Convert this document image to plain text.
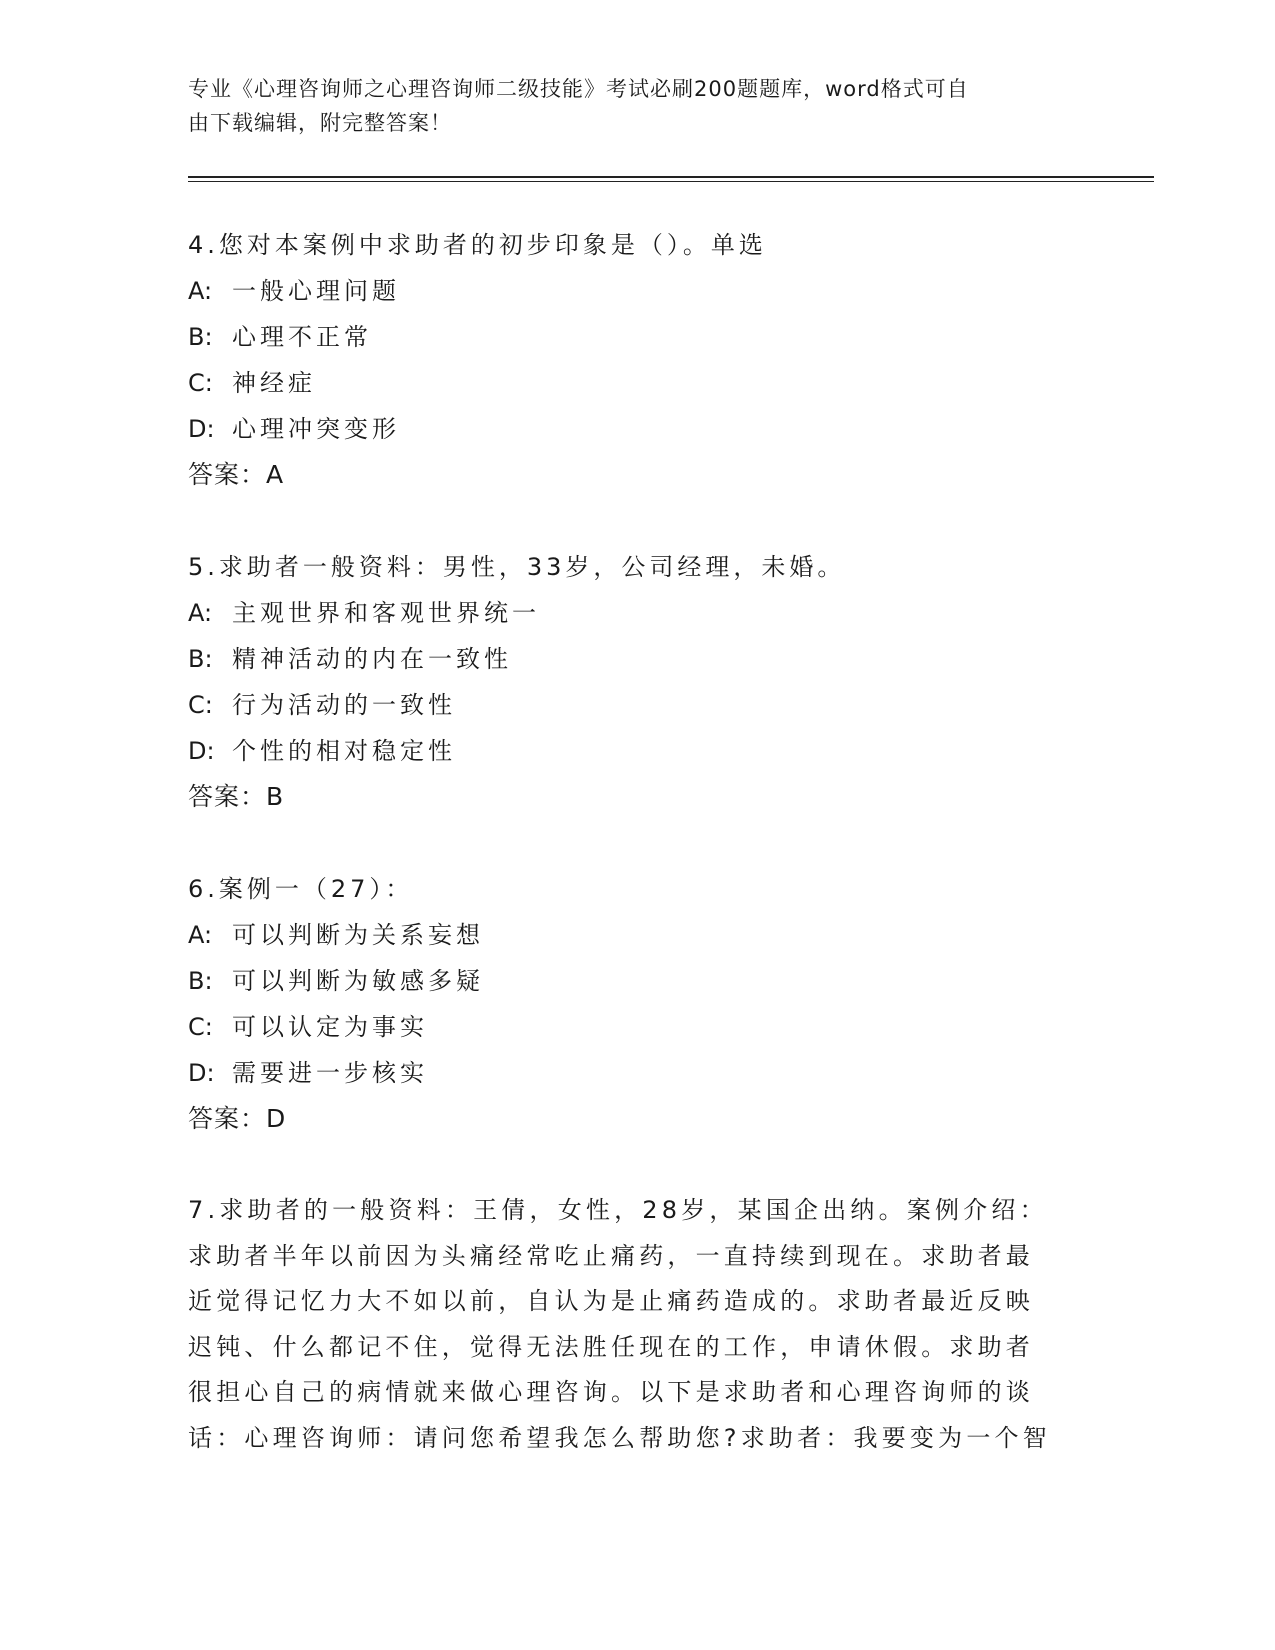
专业《心理咨询师之心理咨询师二级技能》考试必刷200题题库，word格式可自
由下载编辑，附完整答案！
4.您对本案例中求助者的初步印象是（）。单选
A: 一般心理问题
B: 心理不正常
C: 神经症
D: 心理冲突变形
答案：A
5.求助者一般资料：男性，33岁，公司经理，未婚。
A: 主观世界和客观世界统一
B: 精神活动的内在一致性
C: 行为活动的一致性
D: 个性的相对稳定性
答案：B
6.案例一（27）：
A: 可以判断为关系妄想
B: 可以判断为敏感多疑
C: 可以认定为事实
D: 需要进一步核实
答案：D
7.求助者的一般资料：王倩，女性，28岁，某国企出纳。案例介绍：
求助者半年以前因为头痛经常吃止痛药，一直持续到现在。求助者最
近觉得记忆力大不如以前，自认为是止痛药造成的。求助者最近反映
迟钝、什么都记不住，觉得无法胜任现在的工作，申请休假。求助者
很担心自己的病情就来做心理咨询。以下是求助者和心理咨询师的谈
话：心理咨询师：请问您希望我怎么帮助您?求助者：我要变为一个智
